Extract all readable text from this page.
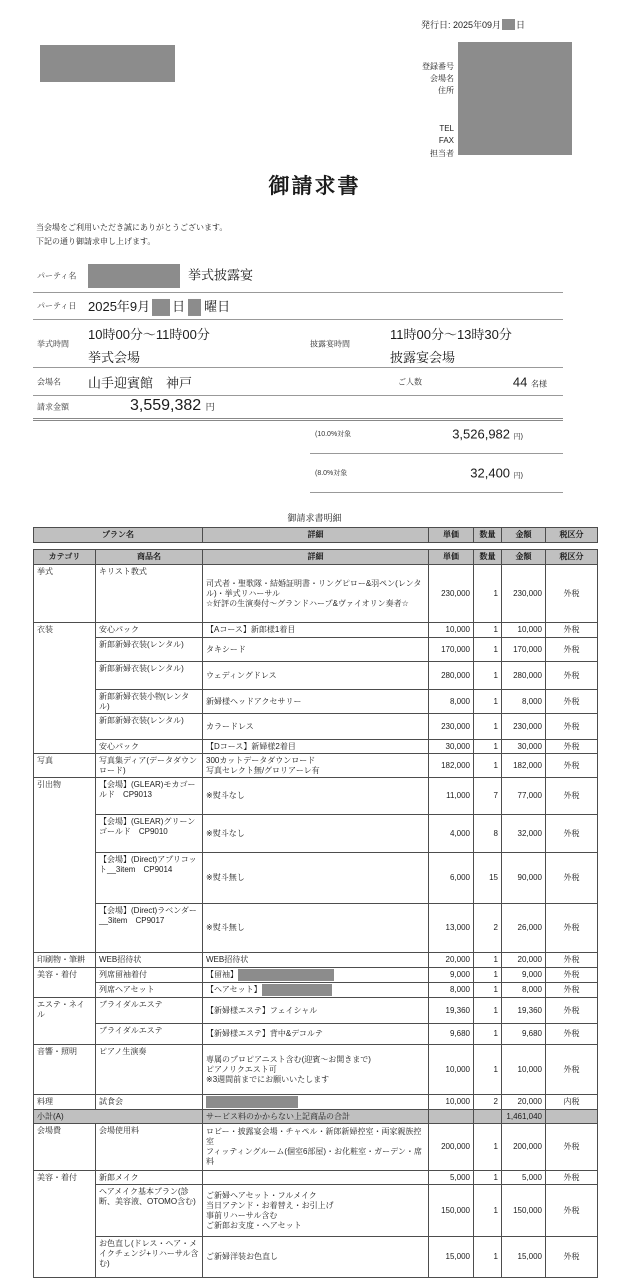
発行日: 2025年09月 日
登録番号
会場名
住所
TEL
FAX
担当者
御請求書
当会場をご利用いただき誠にありがとうございます。
下記の通り御請求申し上げます。
パーティ名	挙式披露宴
パーティ日 2025年9月 日 曜日
挙式時間
10時00分～11時00分
挙式会場
披露宴時間
11時00分～13時30分
披露宴会場
会場名 山手迎賓館　神戸	ご人数	44 名様
請求金額	3,559,382 円
(10.0%対象	3,526,982 円)
(8.0%対象	32,400 円)
御請求書明細
プラン名	詳細	単価	数量	金額	税区分
カテゴリ	商品名	詳細	単価	数量	金額	税区分
挙式	キリスト教式	司式者・聖歌隊・結婚証明書・リングピロー&羽ペン(レンタル)・挙式リハーサル
☆好評の生演奏付～グランドハープ&ヴァイオリン奏者☆	230,000	1	230,000	外税
衣装	安心パック	【Aコース】新郎様1着目	10,000	1	10,000	外税
	新郎新婦衣装(レンタル)	タキシード	170,000	1	170,000	外税
	新郎新婦衣装(レンタル)	ウェディングドレス	280,000	1	280,000	外税
	新郎新婦衣装小物(レンタル)	新婦様ヘッドアクセサリー	8,000	1	8,000	外税
	新郎新婦衣装(レンタル)	カラードレス	230,000	1	230,000	外税
	安心パック	【Dコース】新婦様2着目	30,000	1	30,000	外税
写真	写真集ディア(データダウンロード)	300カットデータダウンロード
写真セレクト無/グロリアーレ有	182,000	1	182,000	外税
引出物	【会場】(GLEAR)モカゴールド　CP9013	※熨斗なし	11,000	7	77,000	外税
	【会場】(GLEAR)グリーンゴールド　CP9010	※熨斗なし	4,000	8	32,000	外税
	【会場】(Direct)アプリコット__3item　CP9014	※熨斗無し	6,000	15	90,000	外税
	【会場】(Direct)ラベンダー__3item　CP9017	※熨斗無し	13,000	2	26,000	外税
印刷物・筆耕	WEB招待状	WEB招待状	20,000	1	20,000	外税
美容・着付	列席留袖着付	【留袖】	9,000	1	9,000	外税
	列席ヘアセット	【ヘアセット】	8,000	1	8,000	外税
エステ・ネイル	ブライダルエステ	【新婦様エステ】フェイシャル	19,360	1	19,360	外税
	ブライダルエステ	【新婦様エステ】背中&デコルテ	9,680	1	9,680	外税
音響・照明	ピアノ生演奏	専属のプロピアニスト含む(迎賓～お開きまで)
ピアノリクエスト可
※3週間前までにお願いいたします	10,000	1	10,000	外税
料理	試食会		10,000	2	20,000	内税
小計(A)		サービス料のかからない上記商品の合計			1,461,040	
会場費	会場使用料	ロビー・披露宴会場・チャペル・新郎新婦控室・両家親族控室
フィッティングルーム(個室6部屋)・お化粧室・ガーデン・席料	200,000	1	200,000	外税
美容・着付	新郎メイク		5,000	1	5,000	外税
	ヘアメイク基本プラン(診断、美容液、OTOMO含む)	ご新婦ヘアセット・フルメイク
当日アテンド・お着替え・お引上げ
事前リハーサル含む
ご新郎お支度・ヘアセット	150,000	1	150,000	外税
	お色直し(ドレス・ヘア・メイクチェンジ+リハーサル含む)	ご新婦洋装お色直し	15,000	1	15,000	外税
